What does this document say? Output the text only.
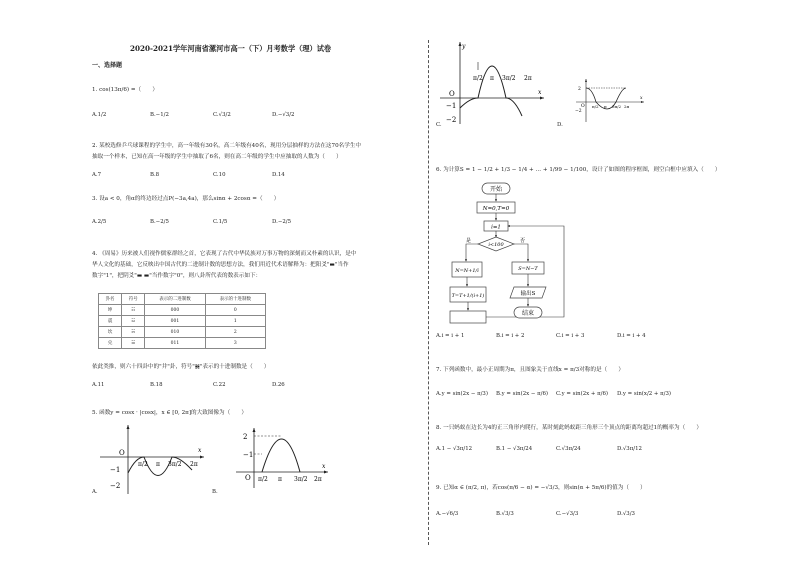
2020-2021学年河南省漯河市高一（下）月考数学（理）试卷
一、选择题
1. cos(13π/6) =（　　）
A.1/2	B.−1/2	C.√3/2	D.−√3/2
2. 某校选修乒乓球课程的学生中，高一年级有30名，高二年级有40名，现用分层抽样的方法在这70名学生中
抽取一个样本，已知在高一年级的学生中抽取了6名，则在高二年级的学生中应抽取的人数为（　　）
A.7	B.8	C.10	D.14
3. 设a < 0，角α的终边经过点P(−3a,4a)，那么sinα + 2cosα =（　　）
A.2/5	B.−2/5	C.1/5	D.−2/5
4. 《周易》历来被人们视作儒家群经之首，它表现了古代中华民族对万事万物的深刻而又朴素的认识，是中
华人文化的基础，它反映出中国古代的二进制计数的思想方法，我们用近代术语解释为：把阳爻"▬"当作
数字"1"，把阴爻"▬ ▬"当作数字"0"，则八卦所代表的数表示如下：
卦名	符号	表示的二进制数	表示的十进制数
坤	☷	000	0
震	☳	001	1
坎	☵	010	2
兑	☱	011	3
依此类推，则六十四卦中的"井"卦，符号"䷯"表示的十进制数是（　　）
A.11	B.18	C.22	D.26
5. 函数y = cosx · |cosx|，x ∈ [0, 2π]的大致图像为（　　）
O
−1
−2
π/2 π 3π/2 2π
x
A.
2
−1
O π/2 π 3π/2 2π
x
B.
y
O
−1
−2
π/2 π 3π/2 2π
x
C.
2
−2
O π/2 π 3π/2 2π
x
D.
6. 为计算S = 1 − 1/2 + 1/3 − 1/4 + … + 1/99 − 1/100，设计了如图的程序框图，则空白框中应填入（　　）
开始
N=0,T=0
i=1
i<100
是	否
N=N+1/i	S=N−T
T=T+1/(i+1)	输出S
结束
A.i = i + 1	B.i = i + 2	C.i = i + 3	D.i = i + 4
7. 下列函数中，最小正周期为π，且图象关于直线x = π/3对称的是（　　）
A.y = sin(2x − π/3) B.y = sin(2x − π/6) C.y = sin(2x + π/6) D.y = sin(x/2 + π/3)
8. 一只蚂蚁在边长为4的正三角形内爬行，某时刻此蚂蚁距三角形三个顶点的距离均超过1的概率为（　　）
A.1 − √3π/12	B.1 − √3π/24	C.√3π/24	D.√3π/12
9. 已知α ∈ (π/2, π)，若cos(π/6 − α) = −√3/3，则sin(α + 5π/6)的值为（　　）
A.−√6/3	B.√3/3	C.−√3/3	D.√3/3
